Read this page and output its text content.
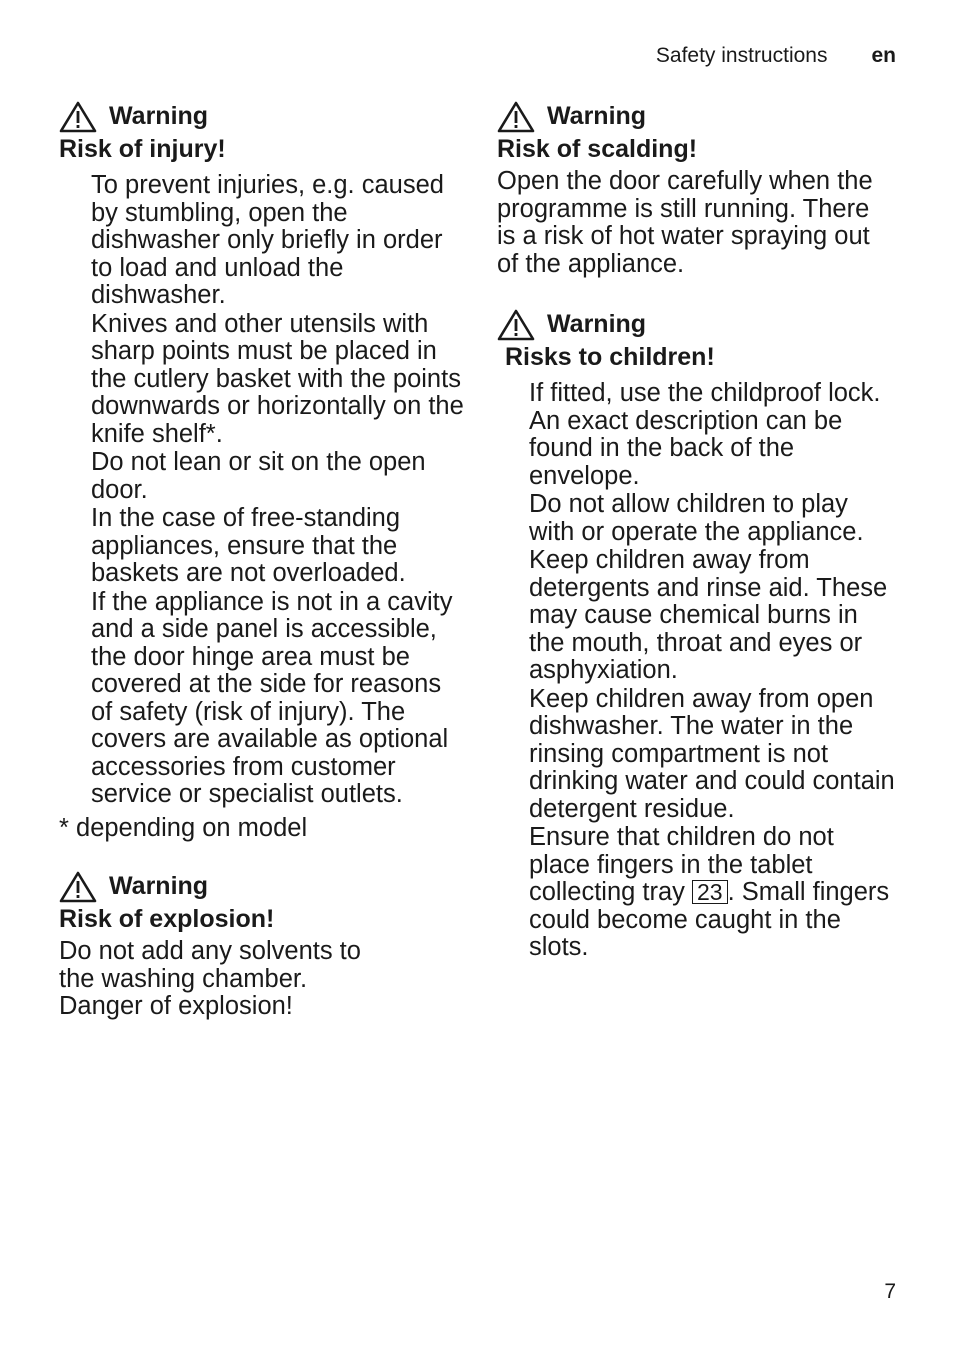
Safety instructions en
Warning
Risk of injury!

To prevent injuries, e.g. caused by stumbling, open the dishwasher only briefly in order to load and unload the dishwasher.

Knives and other utensils with sharp points must be placed in the cutlery basket with the points downwards or horizontally on the knife shelf*.

Do not lean or sit on the open door.

In the case of free-standing appliances, ensure that the baskets are not overloaded.

If the appliance is not in a cavity and a side panel is accessible, the door hinge area must be covered at the side for reasons of safety (risk of injury). The covers are available as optional accessories from customer service or specialist outlets.

* depending on model

Warning
Risk of explosion!

Do not add any solvents to the washing chamber. Danger of explosion!

Warning
Risk of scalding!

Open the door carefully when the programme is still running. There is a risk of hot water spraying out of the appliance.

Warning
Risks to children!

If fitted, use the childproof lock. An exact description can be found in the back of the envelope.

Do not allow children to play with or operate the appliance.

Keep children away from detergents and rinse aid. These may cause chemical burns in the mouth, throat and eyes or asphyxiation.

Keep children away from open dishwasher. The water in the rinsing compartment is not drinking water and could contain detergent residue.

Ensure that children do not place fingers in the tablet collecting tray 23 . Small fingers could become caught in the slots.

7
